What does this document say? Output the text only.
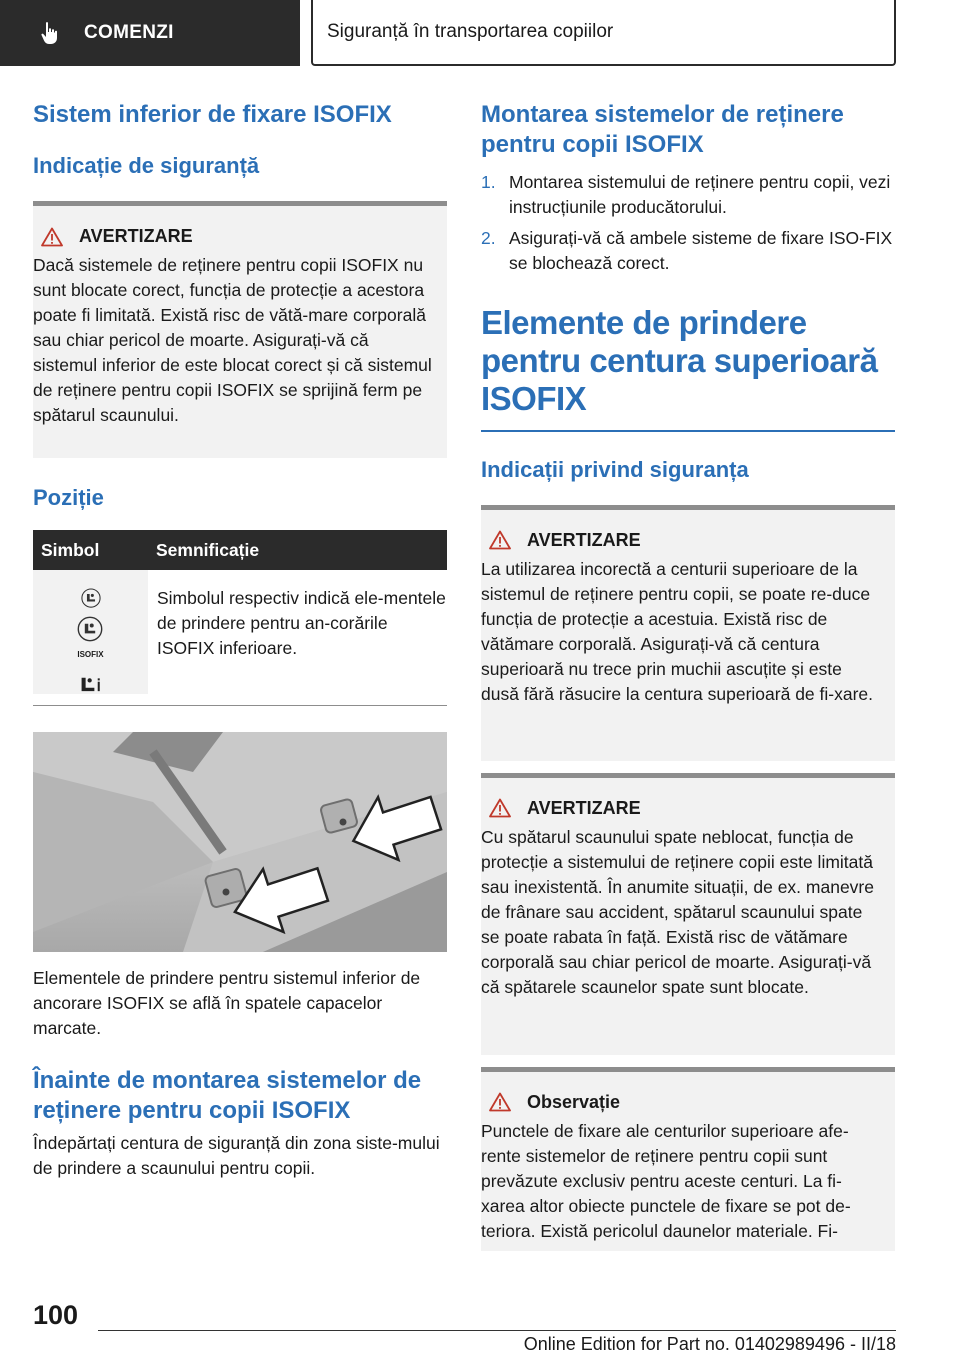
COMENZI	Siguranță în transportarea copiilor
Sistem inferior de fixare ISOFIX
Indicație de siguranță
AVERTIZARE

Dacă sistemele de reținere pentru copii ISOFIX nu sunt blocate corect, funcția de protecție a acestora poate fi limitată. Există risc de vătă-mare corporală sau chiar pericol de moarte. Asigurați-vă că sistemul inferior de este blocat corect și că sistemul de reținere pentru copii ISOFIX se sprijină ferm pe spătarul scaunului.

Poziție
Simbol	Semnificație

ISOFIX	Simbolul respectiv indică ele-mentele de prindere pentru an-corările ISOFIX inferioare.

Elementele de prindere pentru sistemul inferior de ancorare ISOFIX se află în spatele capacelor marcate.

Înainte de montarea sistemelor de reținere pentru copii ISOFIX

Îndepărtați centura de siguranță din zona siste-mului de prindere a scaunului pentru copii.

Montarea sistemelor de reținere pentru copii ISOFIX
1. Montarea sistemului de reținere pentru copii, vezi instrucțiunile producătorului.
2. Asigurați-vă că ambele sisteme de fixare ISO-FIX se blochează corect.
Elemente de prindere pentru centura superioară ISOFIX
Indicații privind siguranța
AVERTIZARE

La utilizarea incorectă a centurii superioare de la sistemul de reținere pentru copii, se poate re-duce funcția de protecție a acestuia. Există risc de vătămare corporală. Asigurați-vă că centura superioară nu trece prin muchii ascuțite și este dusă fără răsucire la centura superioară de fi-xare.

AVERTIZARE

Cu spătarul scaunului spate neblocat, funcția de protecție a sistemului de reținere copii este limitată sau inexistentă. În anumite situații, de ex. manevre de frânare sau accident, spătarul scaunului spate se poate rabata în față. Există risc de vătămare corporală sau chiar pericol de moarte. Asigurați-vă că spătarele scaunelor spate sunt blocate.

Observație

Punctele de fixare ale centurilor superioare afe-rente sistemelor de reținere pentru copii sunt prevăzute exclusiv pentru aceste centuri. La fi-xarea altor obiecte punctele de fixare se pot de-teriora. Există pericolul daunelor materiale. Fi-

100
Online Edition for Part no. 01402989496 - II/18
